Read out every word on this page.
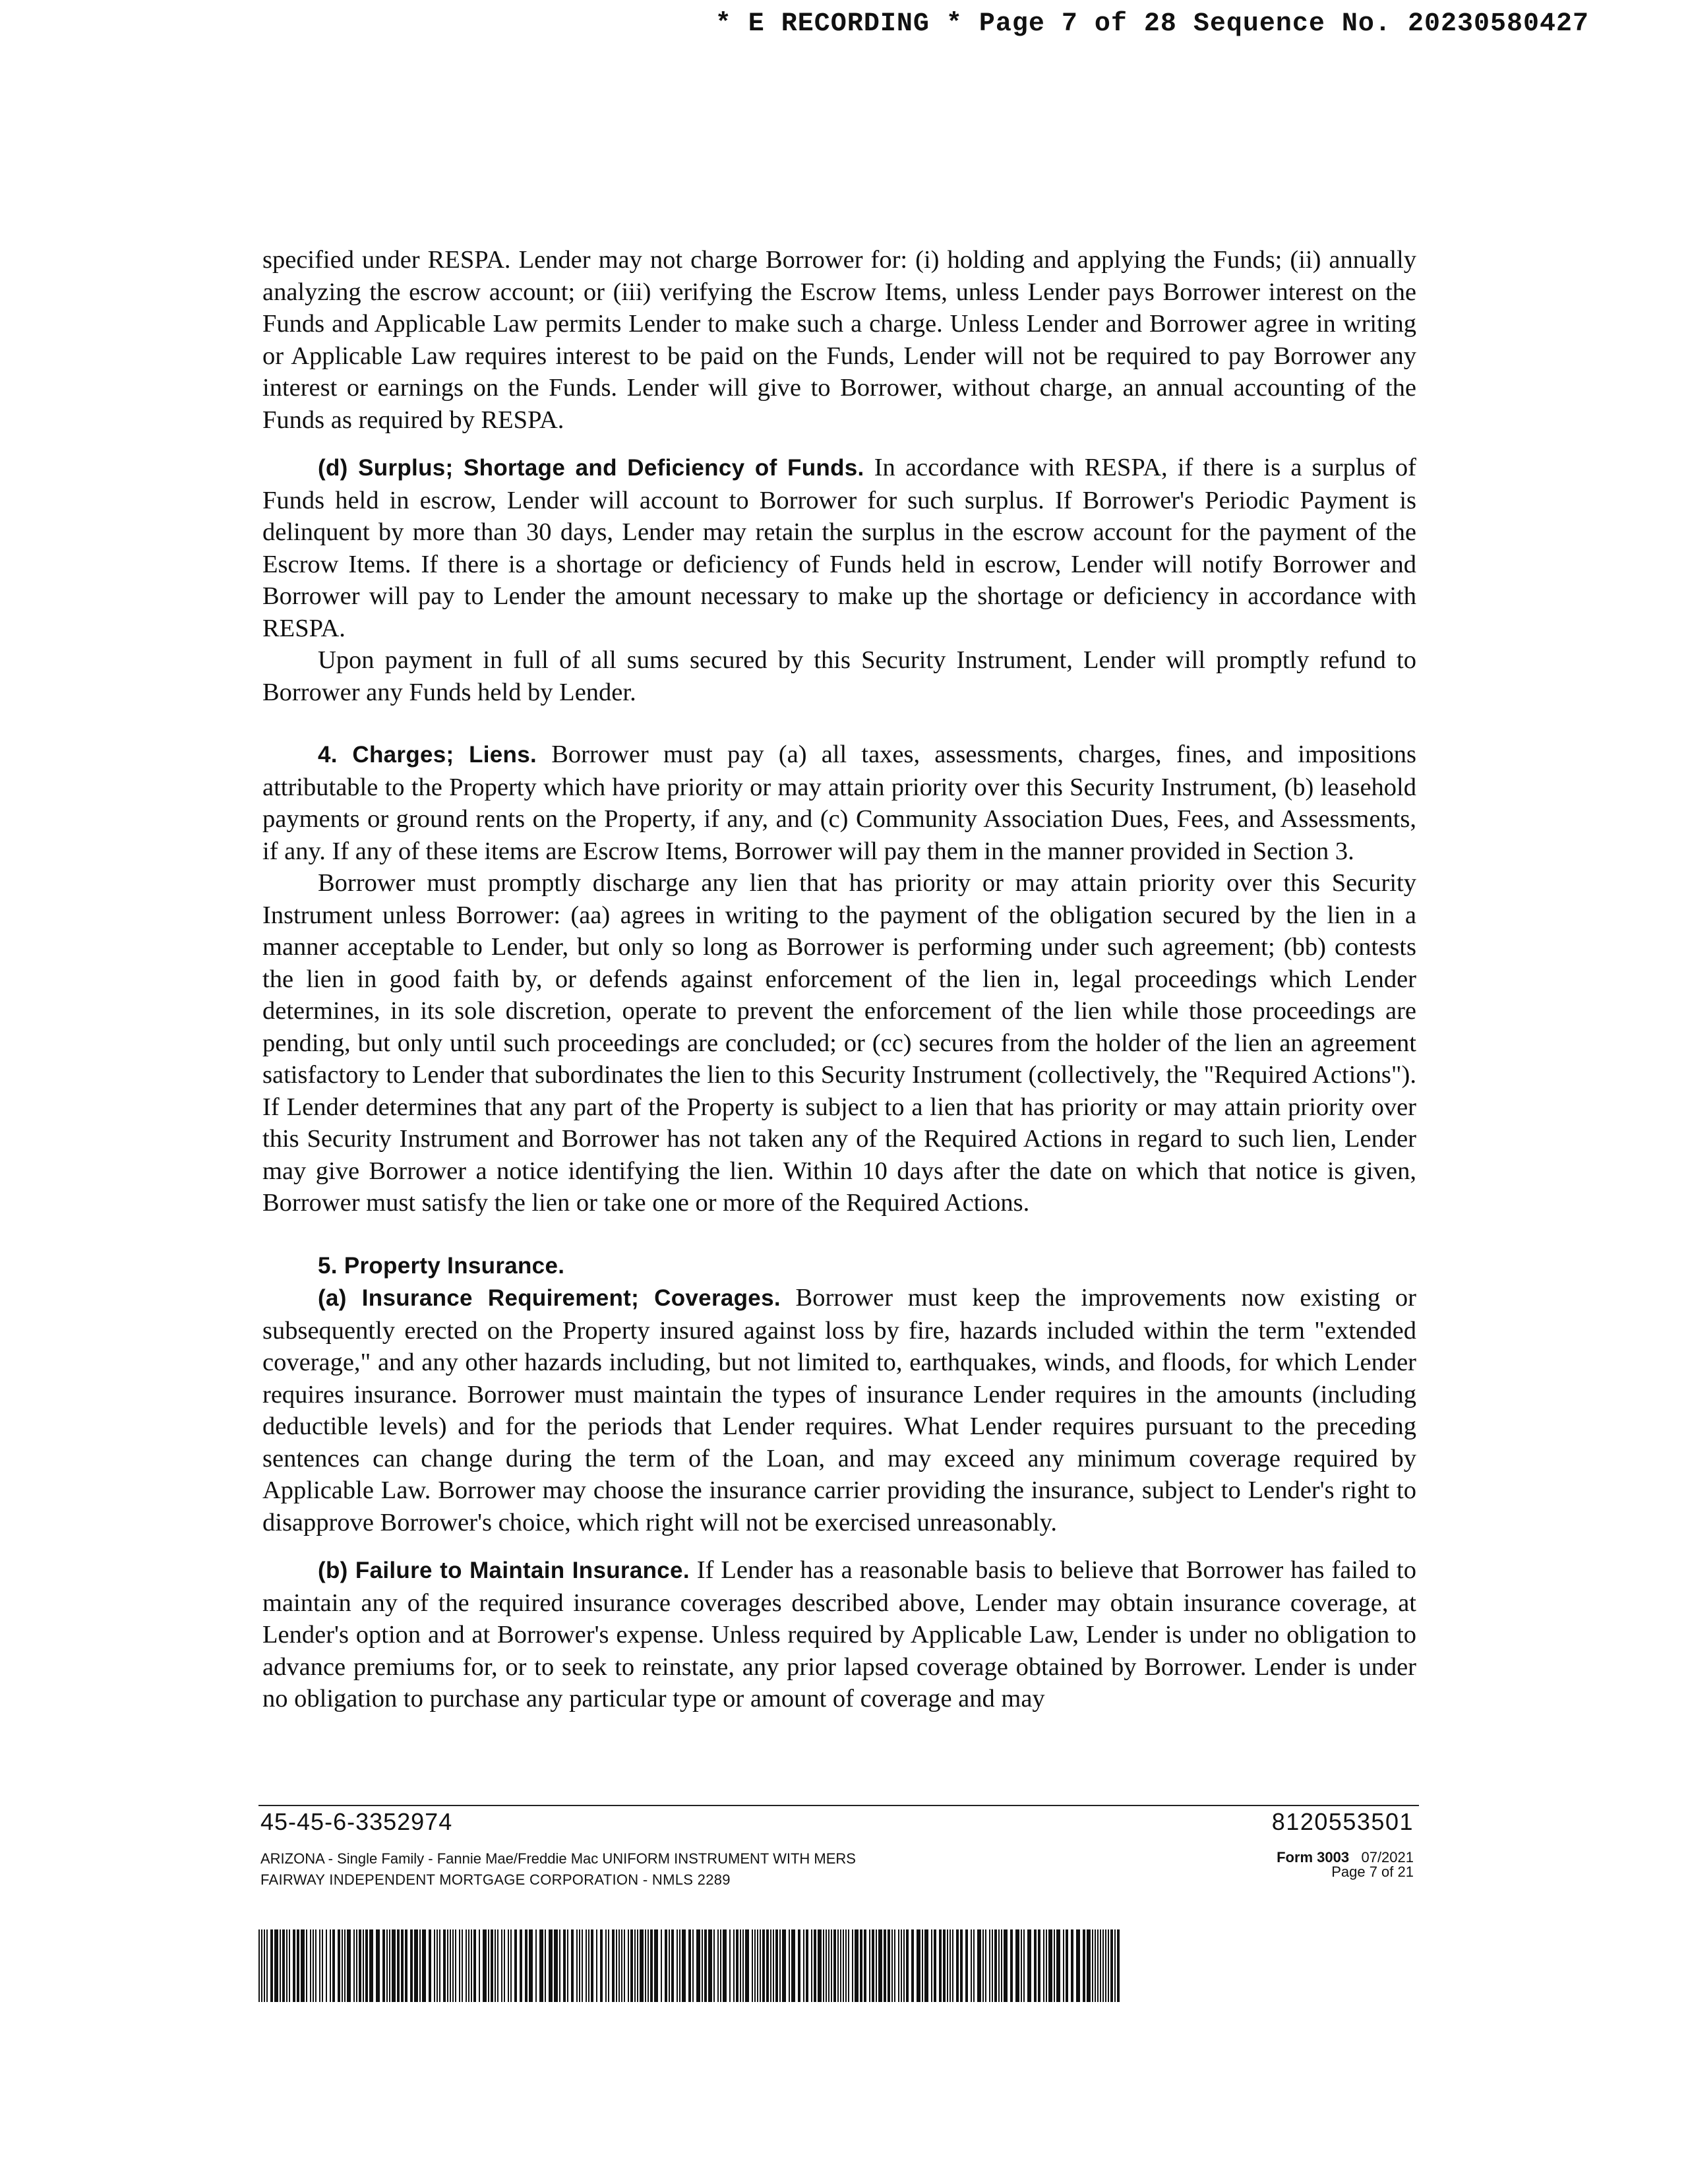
* E RECORDING * Page 7 of 28 Sequence No. 20230580427

specified under RESPA. Lender may not charge Borrower for: (i) holding and applying the Funds; (ii) annually analyzing the escrow account; or (iii) verifying the Escrow Items, unless Lender pays Borrower interest on the Funds and Applicable Law permits Lender to make such a charge. Unless Lender and Borrower agree in writing or Applicable Law requires interest to be paid on the Funds, Lender will not be required to pay Borrower any interest or earnings on the Funds. Lender will give to Borrower, without charge, an annual accounting of the Funds as required by RESPA.

(d) Surplus; Shortage and Deficiency of Funds. In accordance with RESPA, if there is a surplus of Funds held in escrow, Lender will account to Borrower for such surplus. If Borrower's Periodic Payment is delinquent by more than 30 days, Lender may retain the surplus in the escrow account for the payment of the Escrow Items. If there is a shortage or deficiency of Funds held in escrow, Lender will notify Borrower and Borrower will pay to Lender the amount necessary to make up the shortage or deficiency in accordance with RESPA.

Upon payment in full of all sums secured by this Security Instrument, Lender will promptly refund to Borrower any Funds held by Lender.

4. Charges; Liens. Borrower must pay (a) all taxes, assessments, charges, fines, and impositions attributable to the Property which have priority or may attain priority over this Security Instrument, (b) leasehold payments or ground rents on the Property, if any, and (c) Community Association Dues, Fees, and Assessments, if any. If any of these items are Escrow Items, Borrower will pay them in the manner provided in Section 3.

Borrower must promptly discharge any lien that has priority or may attain priority over this Security Instrument unless Borrower: (aa) agrees in writing to the payment of the obligation secured by the lien in a manner acceptable to Lender, but only so long as Borrower is performing under such agreement; (bb) contests the lien in good faith by, or defends against enforcement of the lien in, legal proceedings which Lender determines, in its sole discretion, operate to prevent the enforcement of the lien while those proceedings are pending, but only until such proceedings are concluded; or (cc) secures from the holder of the lien an agreement satisfactory to Lender that subordinates the lien to this Security Instrument (collectively, the "Required Actions"). If Lender determines that any part of the Property is subject to a lien that has priority or may attain priority over this Security Instrument and Borrower has not taken any of the Required Actions in regard to such lien, Lender may give Borrower a notice identifying the lien. Within 10 days after the date on which that notice is given, Borrower must satisfy the lien or take one or more of the Required Actions.

5. Property Insurance.

(a) Insurance Requirement; Coverages. Borrower must keep the improvements now existing or subsequently erected on the Property insured against loss by fire, hazards included within the term "extended coverage," and any other hazards including, but not limited to, earthquakes, winds, and floods, for which Lender requires insurance. Borrower must maintain the types of insurance Lender requires in the amounts (including deductible levels) and for the periods that Lender requires. What Lender requires pursuant to the preceding sentences can change during the term of the Loan, and may exceed any minimum coverage required by Applicable Law. Borrower may choose the insurance carrier providing the insurance, subject to Lender's right to disapprove Borrower's choice, which right will not be exercised unreasonably.

(b) Failure to Maintain Insurance. If Lender has a reasonable basis to believe that Borrower has failed to maintain any of the required insurance coverages described above, Lender may obtain insurance coverage, at Lender's option and at Borrower's expense. Unless required by Applicable Law, Lender is under no obligation to advance premiums for, or to seek to reinstate, any prior lapsed coverage obtained by Borrower. Lender is under no obligation to purchase any particular type or amount of coverage and may

45-45-6-3352974	8120553501
ARIZONA - Single Family - Fannie Mae/Freddie Mac UNIFORM INSTRUMENT WITH MERS
FAIRWAY INDEPENDENT MORTGAGE CORPORATION - NMLS 2289
Form 3003 07/2021
Page 7 of 21
